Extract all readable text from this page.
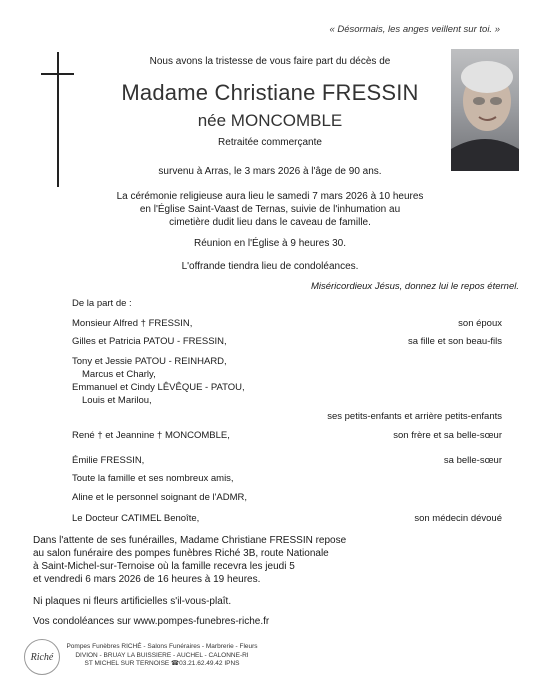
« Désormais, les anges veillent sur toi. »
Nous avons la tristesse de vous faire part du décès de
Madame Christiane FRESSIN
née MONCOMBLE
Retraitée commerçante
survenu à Arras, le 3 mars 2026 à l'âge de 90 ans.
La cérémonie religieuse aura lieu le samedi 7 mars 2026 à 10 heures
en l'Église Saint-Vaast de Ternas, suivie de l'inhumation au
cimetière dudit lieu dans le caveau de famille.
Réunion en l'Église à 9 heures 30.
L'offrande tiendra lieu de condoléances.
Miséricordieux Jésus, donnez lui le repos éternel.
De la part de :
Monsieur Alfred † FRESSIN,	son époux
Gilles et Patricia PATOU - FRESSIN,	sa fille et son beau-fils
Tony et Jessie PATOU - REINHARD,
Marcus et Charly,
Emmanuel et Cindy LÊVÊQUE - PATOU,
Louis et Marilou,
ses petits-enfants et arrière petits-enfants
René † et Jeannine † MONCOMBLE,	son frère et sa belle-sœur
Émilie FRESSIN,	sa belle-sœur
Toute la famille et ses nombreux amis,
Aline et le personnel soignant de l'ADMR,
Le Docteur CATIMEL Benoîte,	son médecin dévoué
Dans l'attente de ses funérailles, Madame Christiane FRESSIN repose
au salon funéraire des pompes funèbres Riché 3B, route Nationale
à Saint-Michel-sur-Ternoise où la famille recevra les jeudi 5
et vendredi 6 mars 2026 de 16 heures à 19 heures.
Ni plaques ni fleurs artificielles s'il-vous-plaît.
Vos condoléances sur www.pompes-funebres-riche.fr
Riché
Pompes Funèbres RICHÉ - Salons Funéraires - Marbrerie - Fleurs
DIVION - BRUAY LA BUISSIERE - AUCHEL - CALONNE-RI
ST MICHEL SUR TERNOISE ☎03.21.62.49.42 IPNS
